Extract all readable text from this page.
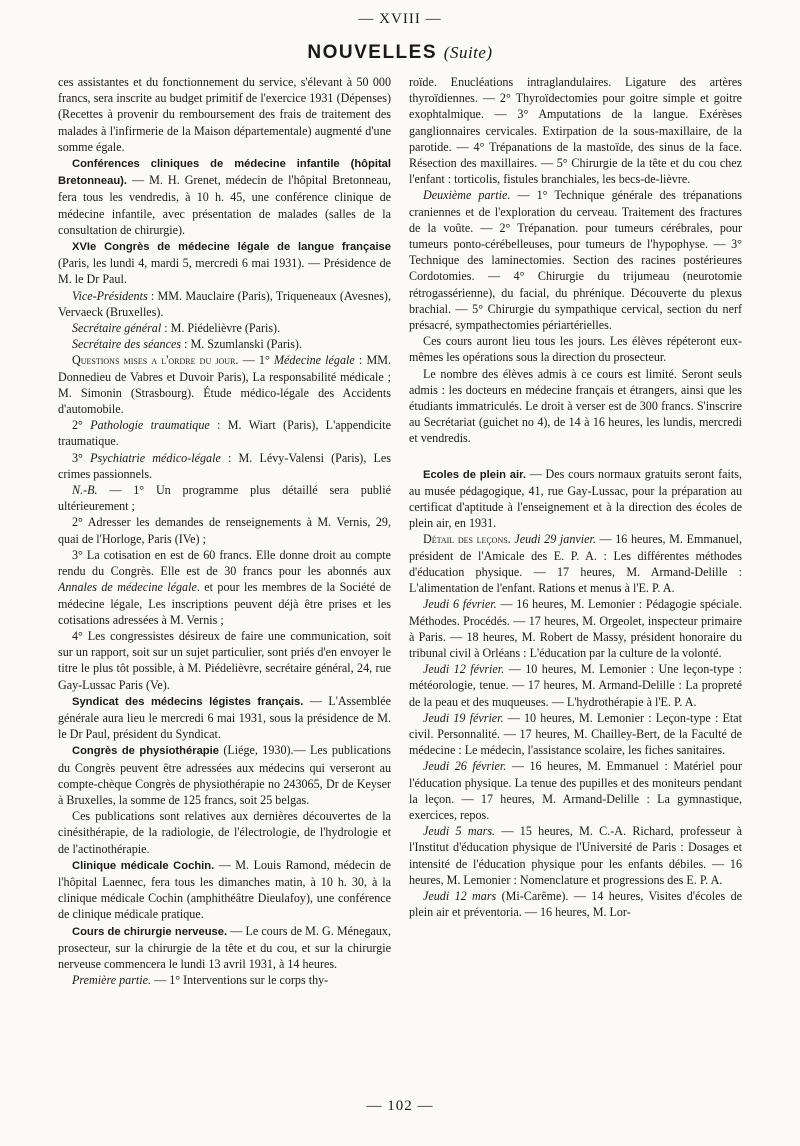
— XVIII —
NOUVELLES (Suite)

ces assistantes et du fonctionnement du service, s'élevant à 50 000 francs, sera inscrite au budget primitif de l'exercice 1931 (Dépenses) (Recettes à provenir du remboursement des frais de traitement des malades à l'infirmerie de la Maison départementale) augmenté d'une somme égale.

Conférences cliniques de médecine infantile (hôpital Bretonneau). — M. H. Grenet, médecin de l'hôpital Bretonneau, fera tous les vendredis, à 10 h. 45, une conférence clinique de médecine infantile, avec présentation de malades (salles de la consultation de chirurgie).

XVIe Congrès de médecine légale de langue française (Paris, les lundi 4, mardi 5, mercredi 6 mai 1931). — Présidence de M. le Dr Paul.

Vice-Présidents : MM. Mauclaire (Paris), Triqueneaux (Avesnes), Vervaeck (Bruxelles).

Secrétaire général : M. Piédelièvre (Paris).

Secrétaire des séances : M. Szumlanski (Paris).

Questions mises a l'ordre du jour. — 1° Médecine légale : MM. Donnedieu de Vabres et Duvoir Paris), La responsabilité médicale ; M. Simonin (Strasbourg). Étude médico-légale des Accidents d'automobile.

2° Pathologie traumatique : M. Wiart (Paris), L'appendicite traumatique.

3° Psychiatrie médico-légale : M. Lévy-Valensi (Paris), Les crimes passionnels.

N.-B. — 1° Un programme plus détaillé sera publié ultérieurement ;

2° Adresser les demandes de renseignements à M. Vernis, 29, quai de l'Horloge, Paris (IVe) ;

3° La cotisation en est de 60 francs. Elle donne droit au compte rendu du Congrès. Elle est de 30 francs pour les abonnés aux Annales de médecine légale. et pour les membres de la Société de médecine légale, Les inscriptions peuvent déjà être prises et les cotisations adressées à M. Vernis ;

4° Les congressistes désireux de faire une communication, soit sur un rapport, soit sur un sujet particulier, sont priés d'en envoyer le titre le plus tôt possible, à M. Piédelièvre, secrétaire général, 24, rue Gay-Lussac Paris (Ve).

Syndicat des médecins légistes français. — L'Assemblée générale aura lieu le mercredi 6 mai 1931, sous la présidence de M. le Dr Paul, président du Syndicat.

Congrès de physiothérapie (Liége, 1930).— Les publications du Congrès peuvent être adressées aux médecins qui verseront au compte-chèque Congrès de physiothérapie no 243065, Dr de Keyser à Bruxelles, la somme de 125 francs, soit 25 belgas.

Ces publications sont relatives aux dernières découvertes de la cinésithérapie, de la radiologie, de l'électrologie, de l'hydrologie et de l'actinothérapie.

Clinique médicale Cochin. — M. Louis Ramond, médecin de l'hôpital Laennec, fera tous les dimanches matin, à 10 h. 30, à la clinique médicale Cochin (amphithéâtre Dieulafoy), une conférence de clinique médicale pratique.

Cours de chirurgie nerveuse. — Le cours de M. G. Ménegaux, prosecteur, sur la chirurgie de la tête et du cou, et sur la chirurgie nerveuse commencera le lundi 13 avril 1931, à 14 heures.

Première partie. — 1° Interventions sur le corps thy-

roïde. Enucléations intraglandulaires. Ligature des artères thyroïdiennes. — 2° Thyroïdectomies pour goitre simple et goitre exophtalmique. — 3° Amputations de la langue. Exérèses ganglionnaires cervicales. Extirpation de la sous-maxillaire, de la parotide. — 4° Trépanations de la mastoïde, des sinus de la face. Résection des maxillaires. — 5° Chirurgie de la tête et du cou chez l'enfant : torticolis, fistules branchiales, les becs-de-lièvre.

Deuxième partie. — 1° Technique générale des trépanations craniennes et de l'exploration du cerveau. Traitement des fractures de la voûte. — 2° Trépanation. pour tumeurs cérébrales, pour tumeurs ponto-cérébelleuses, pour tumeurs de l'hypophyse. — 3° Technique des laminectomies. Section des racines postérieures Cordotomies. — 4° Chirurgie du trijumeau (neurotomie rétrogassérienne), du facial, du phrénique. Découverte du plexus brachial. — 5° Chirurgie du sympathique cervical, section du nerf présacré, sympathectomies périartérielles.

Ces cours auront lieu tous les jours. Les élèves répéteront eux-mêmes les opérations sous la direction du prosecteur.

Le nombre des élèves admis à ce cours est limité. Seront seuls admis : les docteurs en médecine français et étrangers, ainsi que les étudiants immatriculés. Le droit à verser est de 300 francs. S'inscrire au Secrétariat (guichet no 4), de 14 à 16 heures, les lundis, mercredi et vendredis.

Ecoles de plein air. — Des cours normaux gratuits seront faits, au musée pédagogique, 41, rue Gay-Lussac, pour la préparation au certificat d'aptitude à l'enseignement et à la direction des écoles de plein air, en 1931.

Détail des leçons. Jeudi 29 janvier. — 16 heures, M. Emmanuel, président de l'Amicale des E. P. A. : Les différentes méthodes d'éducation physique. — 17 heures, M. Armand-Delille : L'alimentation de l'enfant. Rations et menus à l'E. P. A.

Jeudi 6 février. — 16 heures, M. Lemonier : Pédagogie spéciale. Méthodes. Procédés. — 17 heures, M. Orgeolet, inspecteur primaire à Paris. — 18 heures, M. Robert de Massy, président honoraire du tribunal civil à Orléans : L'éducation par la culture de la volonté.

Jeudi 12 février. — 10 heures, M. Lemonier : Une leçon-type : météorologie, tenue. — 17 heures, M. Armand-Delille : La propreté de la peau et des muqueuses. — L'hydrothérapie à l'E. P. A.

Jeudi 19 février. — 10 heures, M. Lemonier : Leçon-type : Etat civil. Personnalité. — 17 heures, M. Chailley-Bert, de la Faculté de médecine : Le médecin, l'assistance scolaire, les fiches sanitaires.

Jeudi 26 février. — 16 heures, M. Emmanuel : Matériel pour l'éducation physique. La tenue des pupilles et des moniteurs pendant la leçon. — 17 heures, M. Armand-Delille : La gymnastique, exercices, repos.

Jeudi 5 mars. — 15 heures, M. C.-A. Richard, professeur à l'Institut d'éducation physique de l'Université de Paris : Dosages et intensité de l'éducation physique pour les enfants débiles. — 16 heures, M. Lemonier : Nomenclature et progressions des E. P. A.

Jeudi 12 mars (Mi-Carême). — 14 heures, Visites d'écoles de plein air et préventoria. — 16 heures, M. Lor-

— 102 —
